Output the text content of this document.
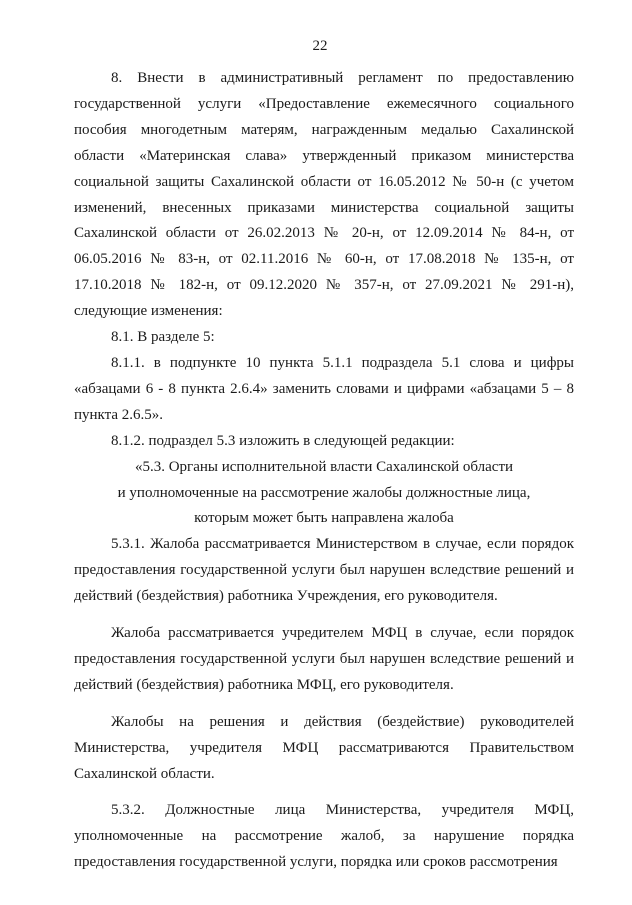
22

8. Внести в административный регламент по предоставлению государственной услуги «Предоставление ежемесячного социального пособия многодетным матерям, награжденным медалью Сахалинской области «Материнская слава» утвержденный приказом министерства социальной защиты Сахалинской области от 16.05.2012 № 50-н (с учетом изменений, внесенных приказами министерства социальной защиты Сахалинской области от 26.02.2013 № 20-н, от 12.09.2014 № 84-н, от 06.05.2016 № 83-н, от 02.11.2016 № 60-н, от 17.08.2018 № 135-н, от 17.10.2018 № 182-н, от 09.12.2020 № 357-н, от 27.09.2021 № 291-н), следующие изменения:

8.1. В разделе 5:

8.1.1. в подпункте 10 пункта 5.1.1 подраздела 5.1 слова и цифры «абзацами 6 - 8 пункта 2.6.4» заменить словами и цифрами «абзацами 5 – 8 пункта 2.6.5».

8.1.2. подраздел 5.3 изложить в следующей редакции:

«5.3. Органы исполнительной власти Сахалинской области

и уполномоченные на рассмотрение жалобы должностные лица,

которым может быть направлена жалоба

5.3.1. Жалоба рассматривается Министерством в случае, если порядок предоставления государственной услуги был нарушен вследствие решений и действий (бездействия) работника Учреждения, его руководителя.

Жалоба рассматривается учредителем МФЦ в случае, если порядок предоставления государственной услуги был нарушен вследствие решений и действий (бездействия) работника МФЦ, его руководителя.

Жалобы на решения и действия (бездействие) руководителей Министерства, учредителя МФЦ рассматриваются Правительством Сахалинской области.

5.3.2. Должностные лица Министерства, учредителя МФЦ, уполномоченные на рассмотрение жалоб, за нарушение порядка предоставления государственной услуги, порядка или сроков рассмотрения
